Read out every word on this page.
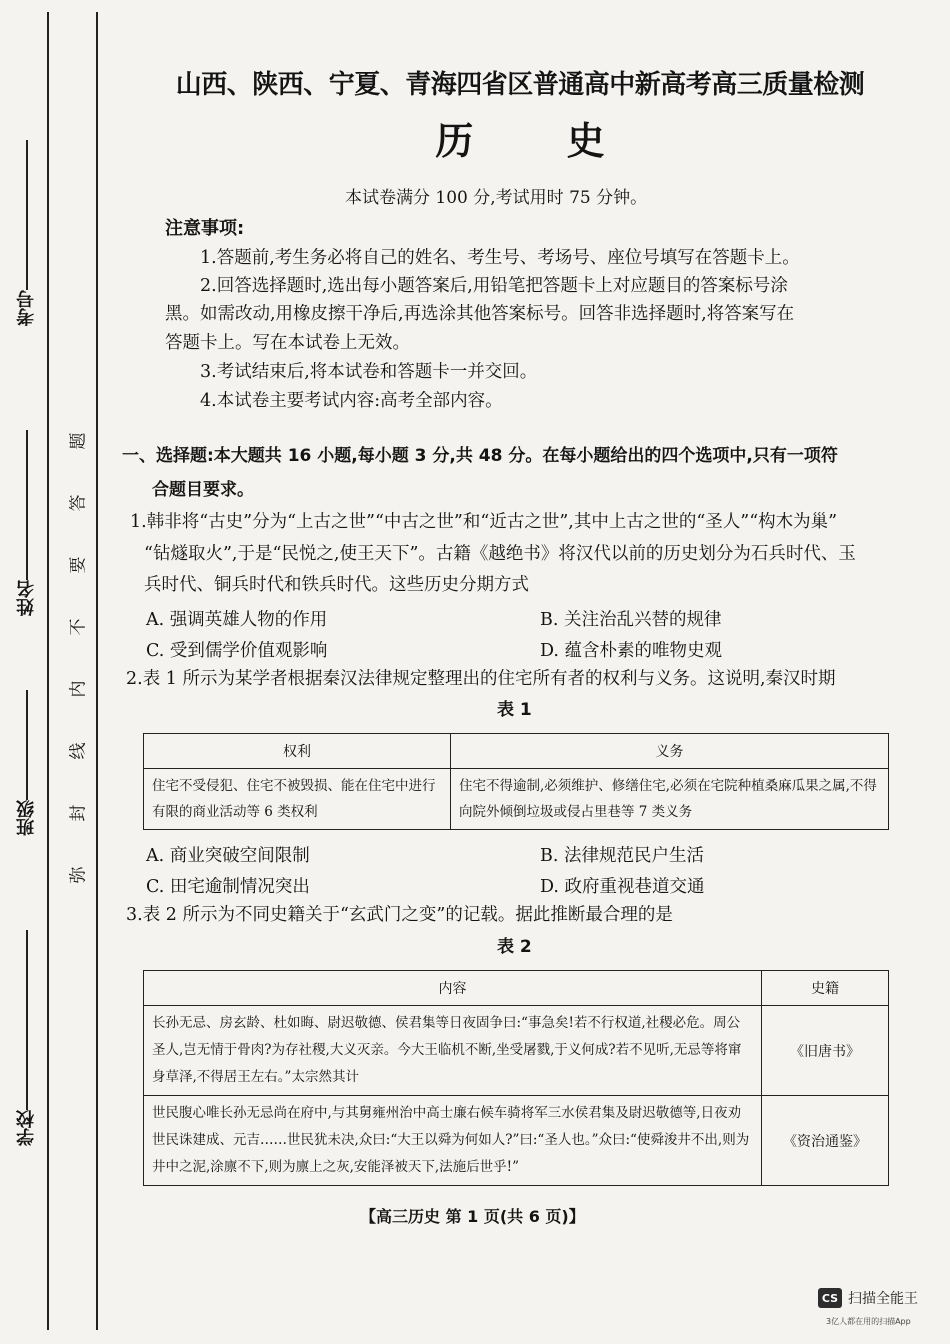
考号
姓名
班级
学校
题
答
要
不
内
线
封
弥
山西、陕西、宁夏、青海四省区普通高中新高考高三质量检测
历 史
本试卷满分 100 分,考试用时 75 分钟。
注意事项:
1.答题前,考生务必将自己的姓名、考生号、考场号、座位号填写在答题卡上。
2.回答选择题时,选出每小题答案后,用铅笔把答题卡上对应题目的答案标号涂
黑。如需改动,用橡皮擦干净后,再选涂其他答案标号。回答非选择题时,将答案写在
答题卡上。写在本试卷上无效。
3.考试结束后,将本试卷和答题卡一并交回。
4.本试卷主要考试内容:高考全部内容。
一、选择题:本大题共 16 小题,每小题 3 分,共 48 分。在每小题给出的四个选项中,只有一项符
合题目要求。
1.韩非将“古史”分为“上古之世”“中古之世”和“近古之世”,其中上古之世的“圣人”“构木为巢”
“钻燧取火”,于是“民悦之,使王天下”。古籍《越绝书》将汉代以前的历史划分为石兵时代、玉
兵时代、铜兵时代和铁兵时代。这些历史分期方式
A. 强调英雄人物的作用	B. 关注治乱兴替的规律
C. 受到儒学价值观影响	D. 蕴含朴素的唯物史观
2.表 1 所示为某学者根据秦汉法律规定整理出的住宅所有者的权利与义务。这说明,秦汉时期
表 1
权利	义务
住宅不受侵犯、住宅不被毁损、能在住宅中进行有限的商业活动等 6 类权利	住宅不得逾制,必须维护、修缮住宅,必须在宅院种植桑麻瓜果之属,不得向院外倾倒垃圾或侵占里巷等 7 类义务
A. 商业突破空间限制	B. 法律规范民户生活
C. 田宅逾制情况突出	D. 政府重视巷道交通
3.表 2 所示为不同史籍关于“玄武门之变”的记载。据此推断最合理的是
表 2
内容	史籍
长孙无忌、房玄龄、杜如晦、尉迟敬德、侯君集等日夜固争曰:“事急矣!若不行权道,社稷必危。周公圣人,岂无情于骨肉?为存社稷,大义灭亲。今大王临机不断,坐受屠戮,于义何成?若不见听,无忌等将窜身草泽,不得居王左右。”太宗然其计	《旧唐书》
世民腹心唯长孙无忌尚在府中,与其舅雍州治中高士廉右候车骑将军三水侯君集及尉迟敬德等,日夜劝世民诛建成、元吉……世民犹未决,众曰:“大王以舜为何如人?”曰:“圣人也。”众曰:“使舜浚井不出,则为井中之泥,涂廪不下,则为廪上之灰,安能泽被天下,法施后世乎!”	《资治通鉴》
【高三历史 第 1 页(共 6 页)】
CS 扫描全能王
3亿人都在用的扫描App
